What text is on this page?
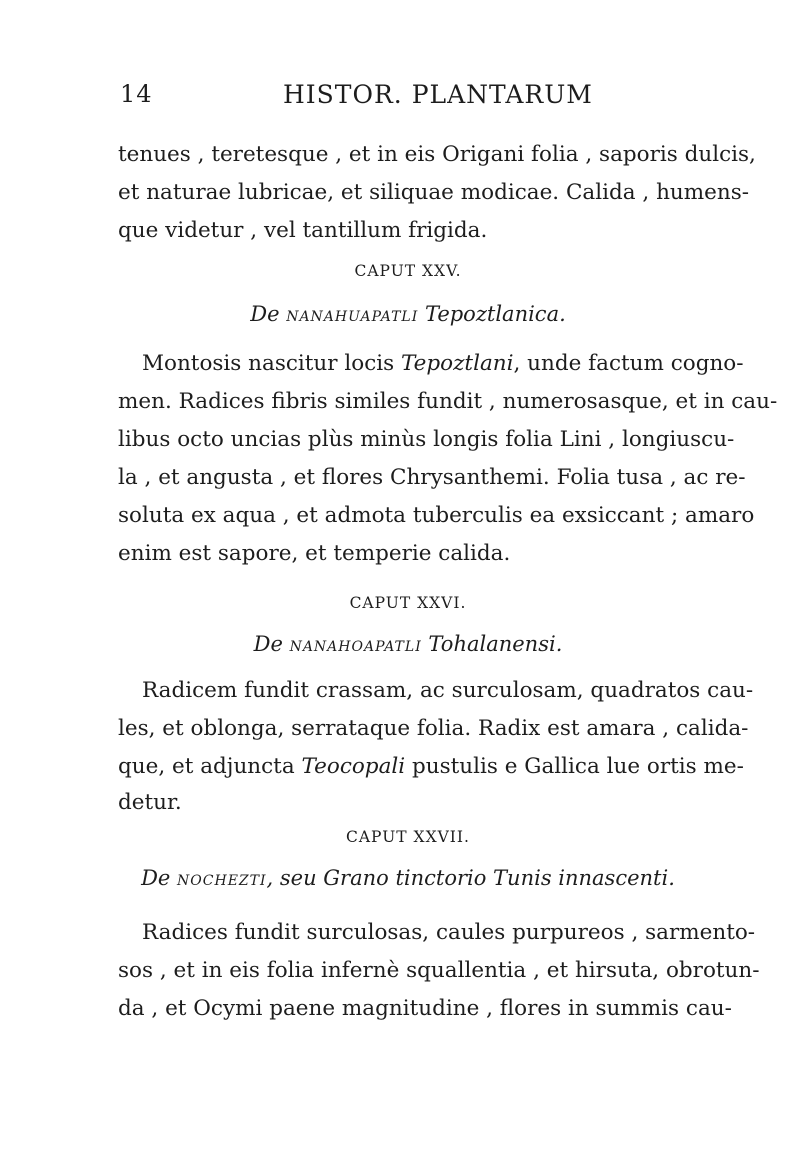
14	HISTOR. PLANTARUM
tenues , teretesque , et in eis Origani folia , saporis dulcis,
et naturae lubricae, et siliquae modicae. Calida , humens-
que videtur , vel tantillum frigida.
CAPUT XXV.
De NANAHUAPATLI Tepoztlanica.
Montosis nascitur locis Tepoztlani, unde factum cogno-
men. Radices fibris similes fundit , numerosasque, et in cau-
libus octo uncias plùs minùs longis folia Lini , longiuscu-
la , et angusta , et flores Chrysanthemi. Folia tusa , ac re-
soluta ex aqua , et admota tuberculis ea exsiccant ; amaro
enim est sapore, et temperie calida.
CAPUT XXVI.
De NANAHOAPATLI Tohalanensi.
Radicem fundit crassam, ac surculosam, quadratos cau-
les, et oblonga, serrataque folia. Radix est amara , calida-
que, et adjuncta Teocopali pustulis e Gallica lue ortis me-
detur.
CAPUT XXVII.
De NOCHEZTI, seu Grano tinctorio Tunis innascenti.
Radices fundit surculosas, caules purpureos , sarmento-
sos , et in eis folia infernè squallentia , et hirsuta, obrotun-
da , et Ocymi paene magnitudine , flores in summis cau-
